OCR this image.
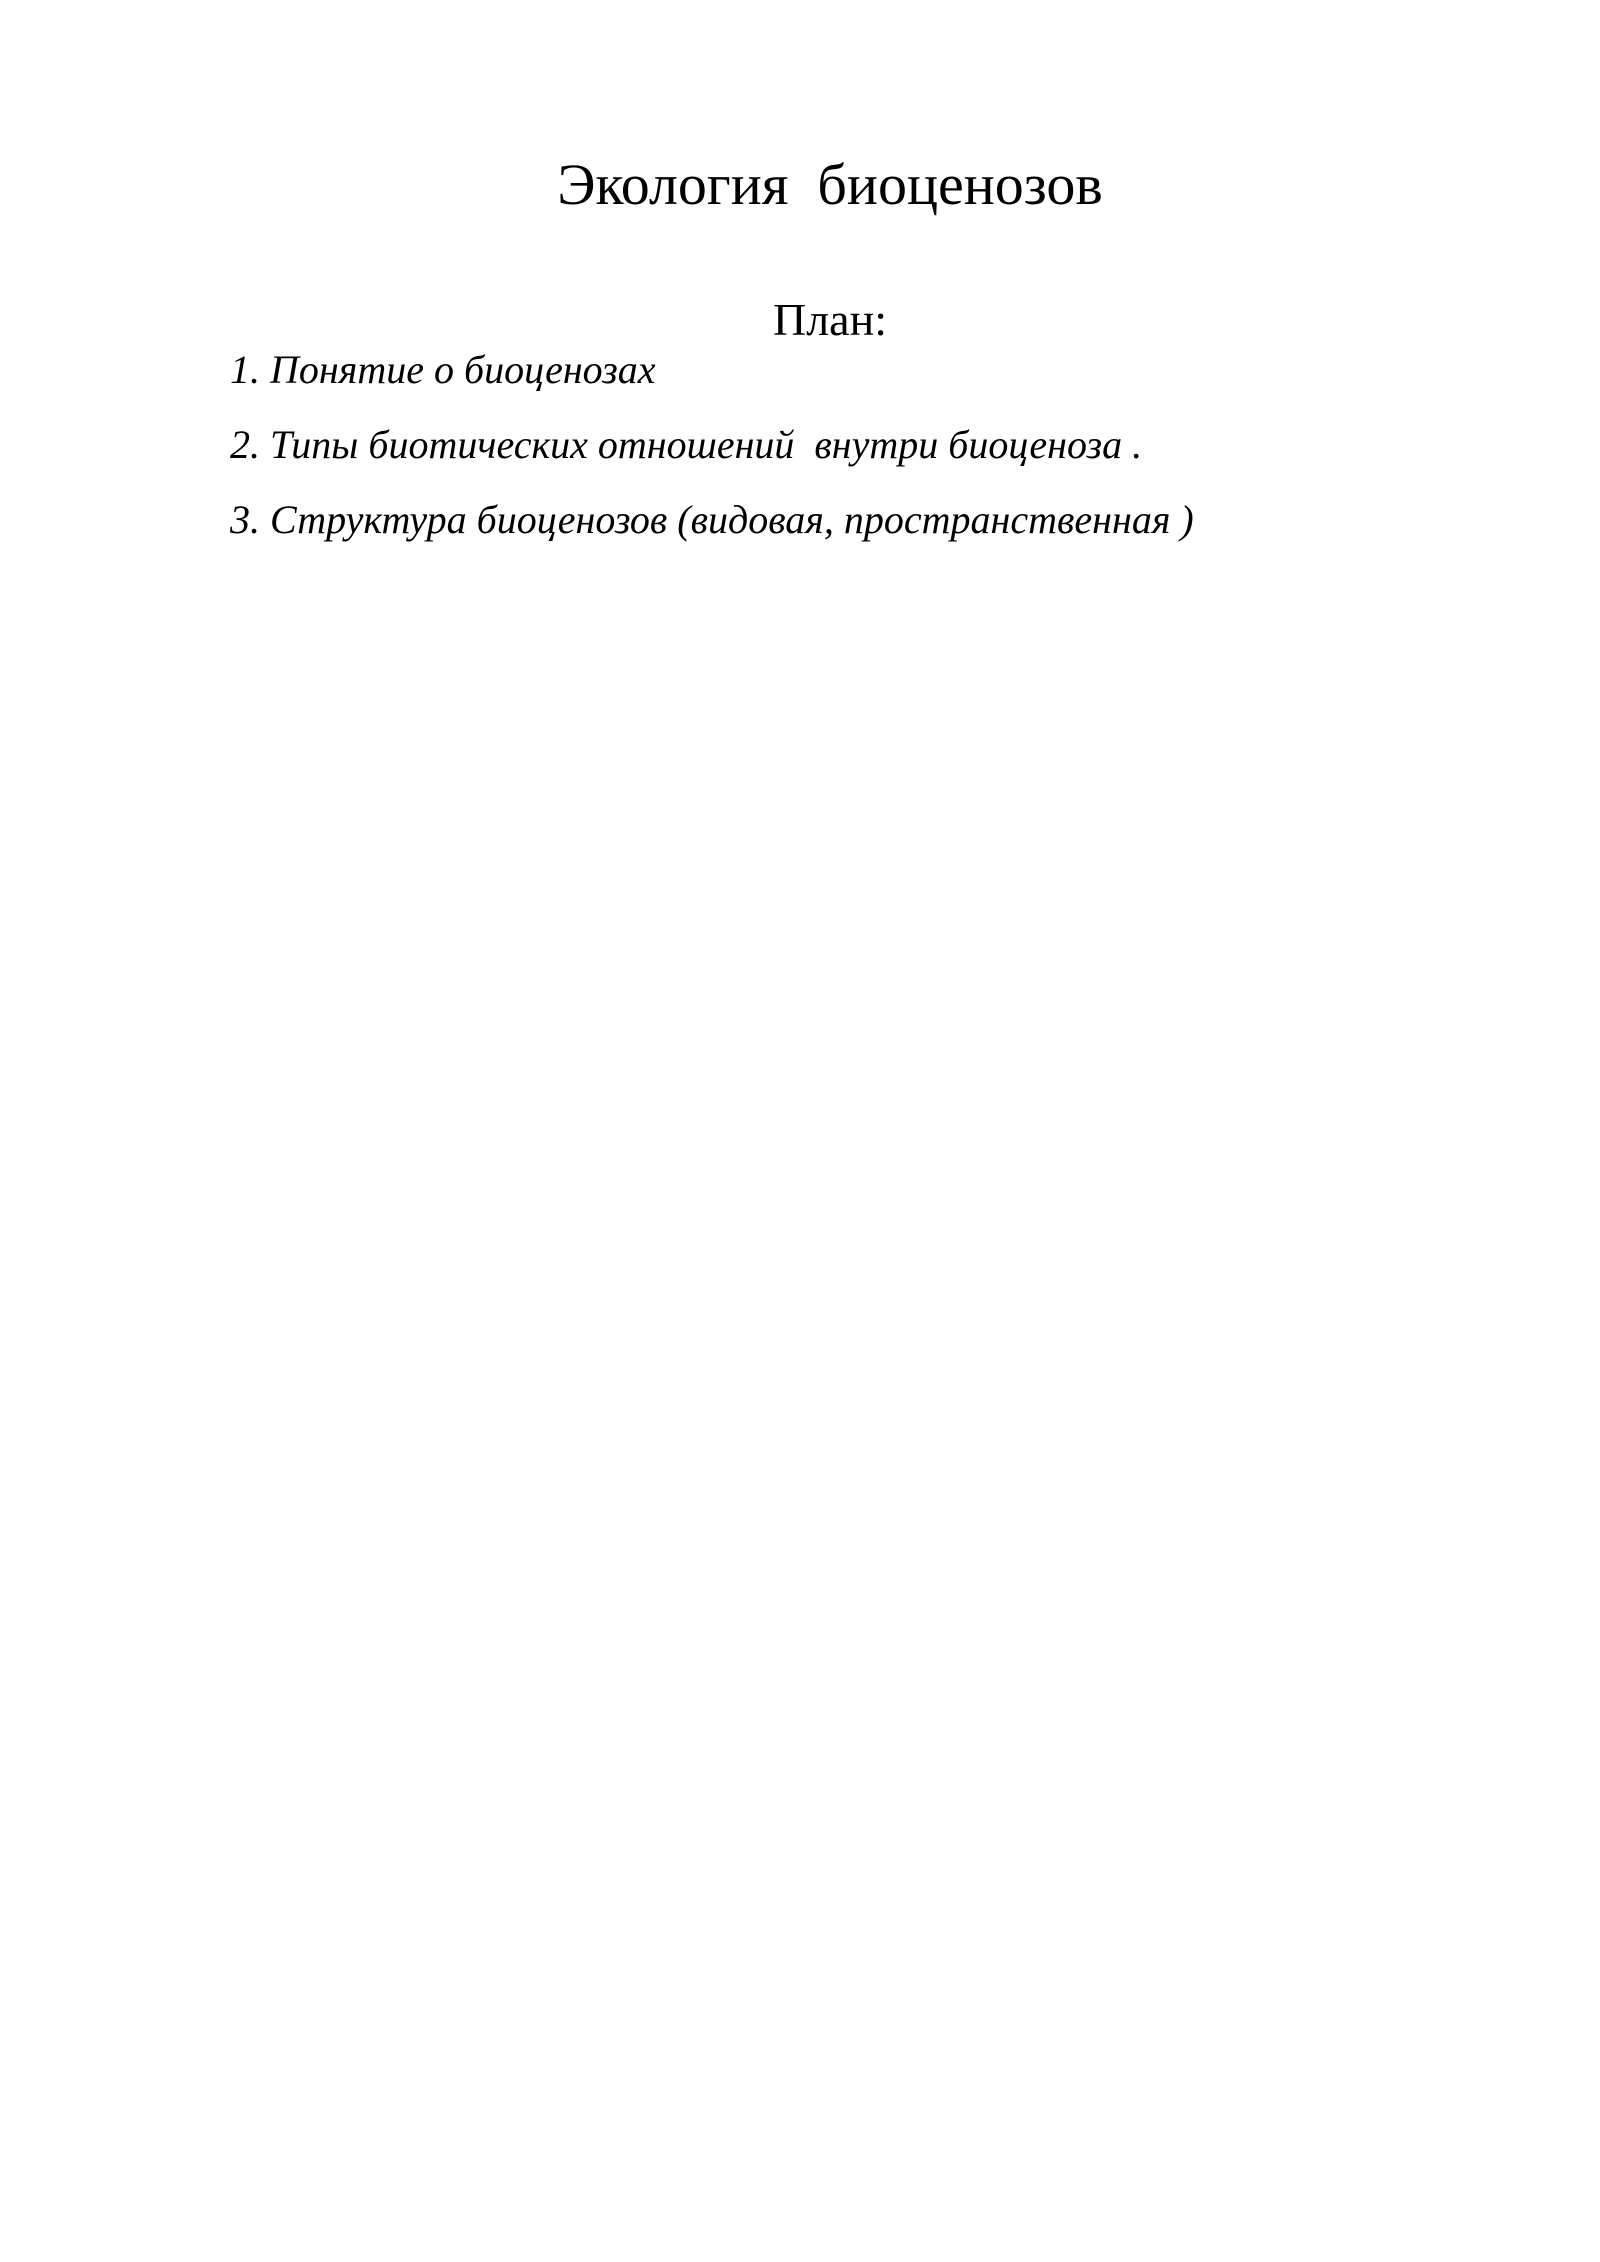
Экология  биоценозов
План:
1. Понятие о биоценозах
2. Типы биотических отношений  внутри биоценоза .
3. Структура биоценозов (видовая, пространственная )
